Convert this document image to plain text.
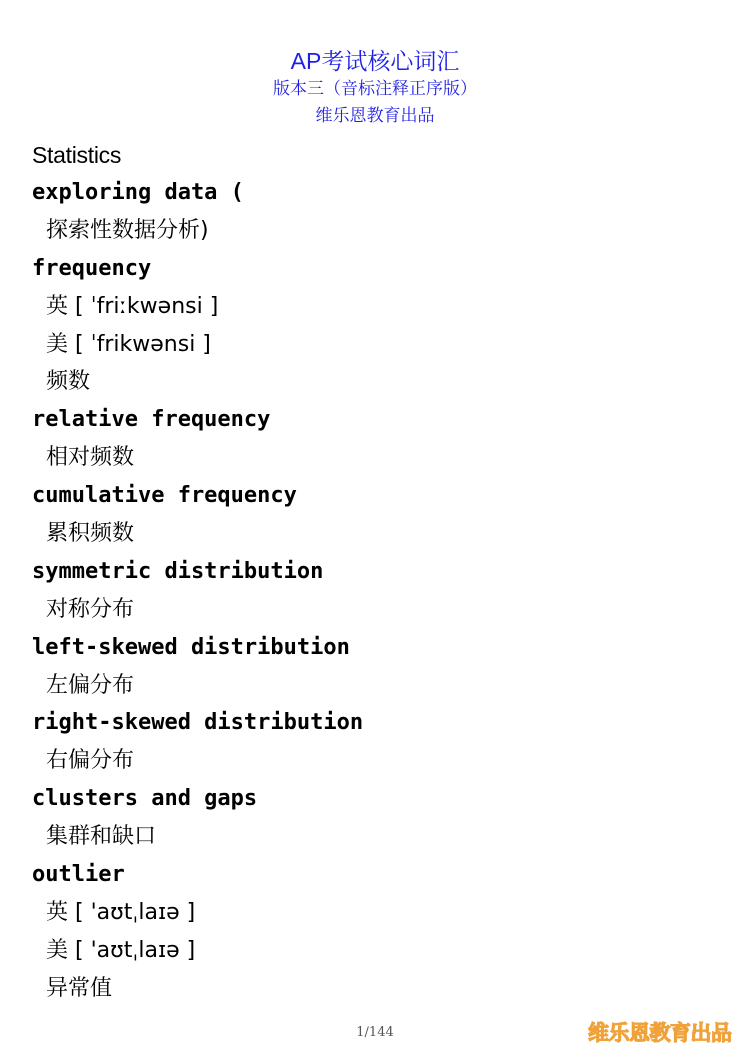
AP考试核心词汇
版本三（音标注释正序版）
维乐恩教育出品
Statistics
exploring data (
探索性数据分析)
frequency
英 [ ˈfriːkwənsi ]
美 [ ˈfrikwənsi ]
频数
relative frequency
相对频数
cumulative frequency
累积频数
symmetric distribution
对称分布
left-skewed distribution
左偏分布
right-skewed distribution
右偏分布
clusters and gaps
集群和缺口
outlier
英 [ 'aʊtˌlaɪə ]
美 [ 'aʊtˌlaɪə ]
异常值
1/144	维乐恩教育出品
